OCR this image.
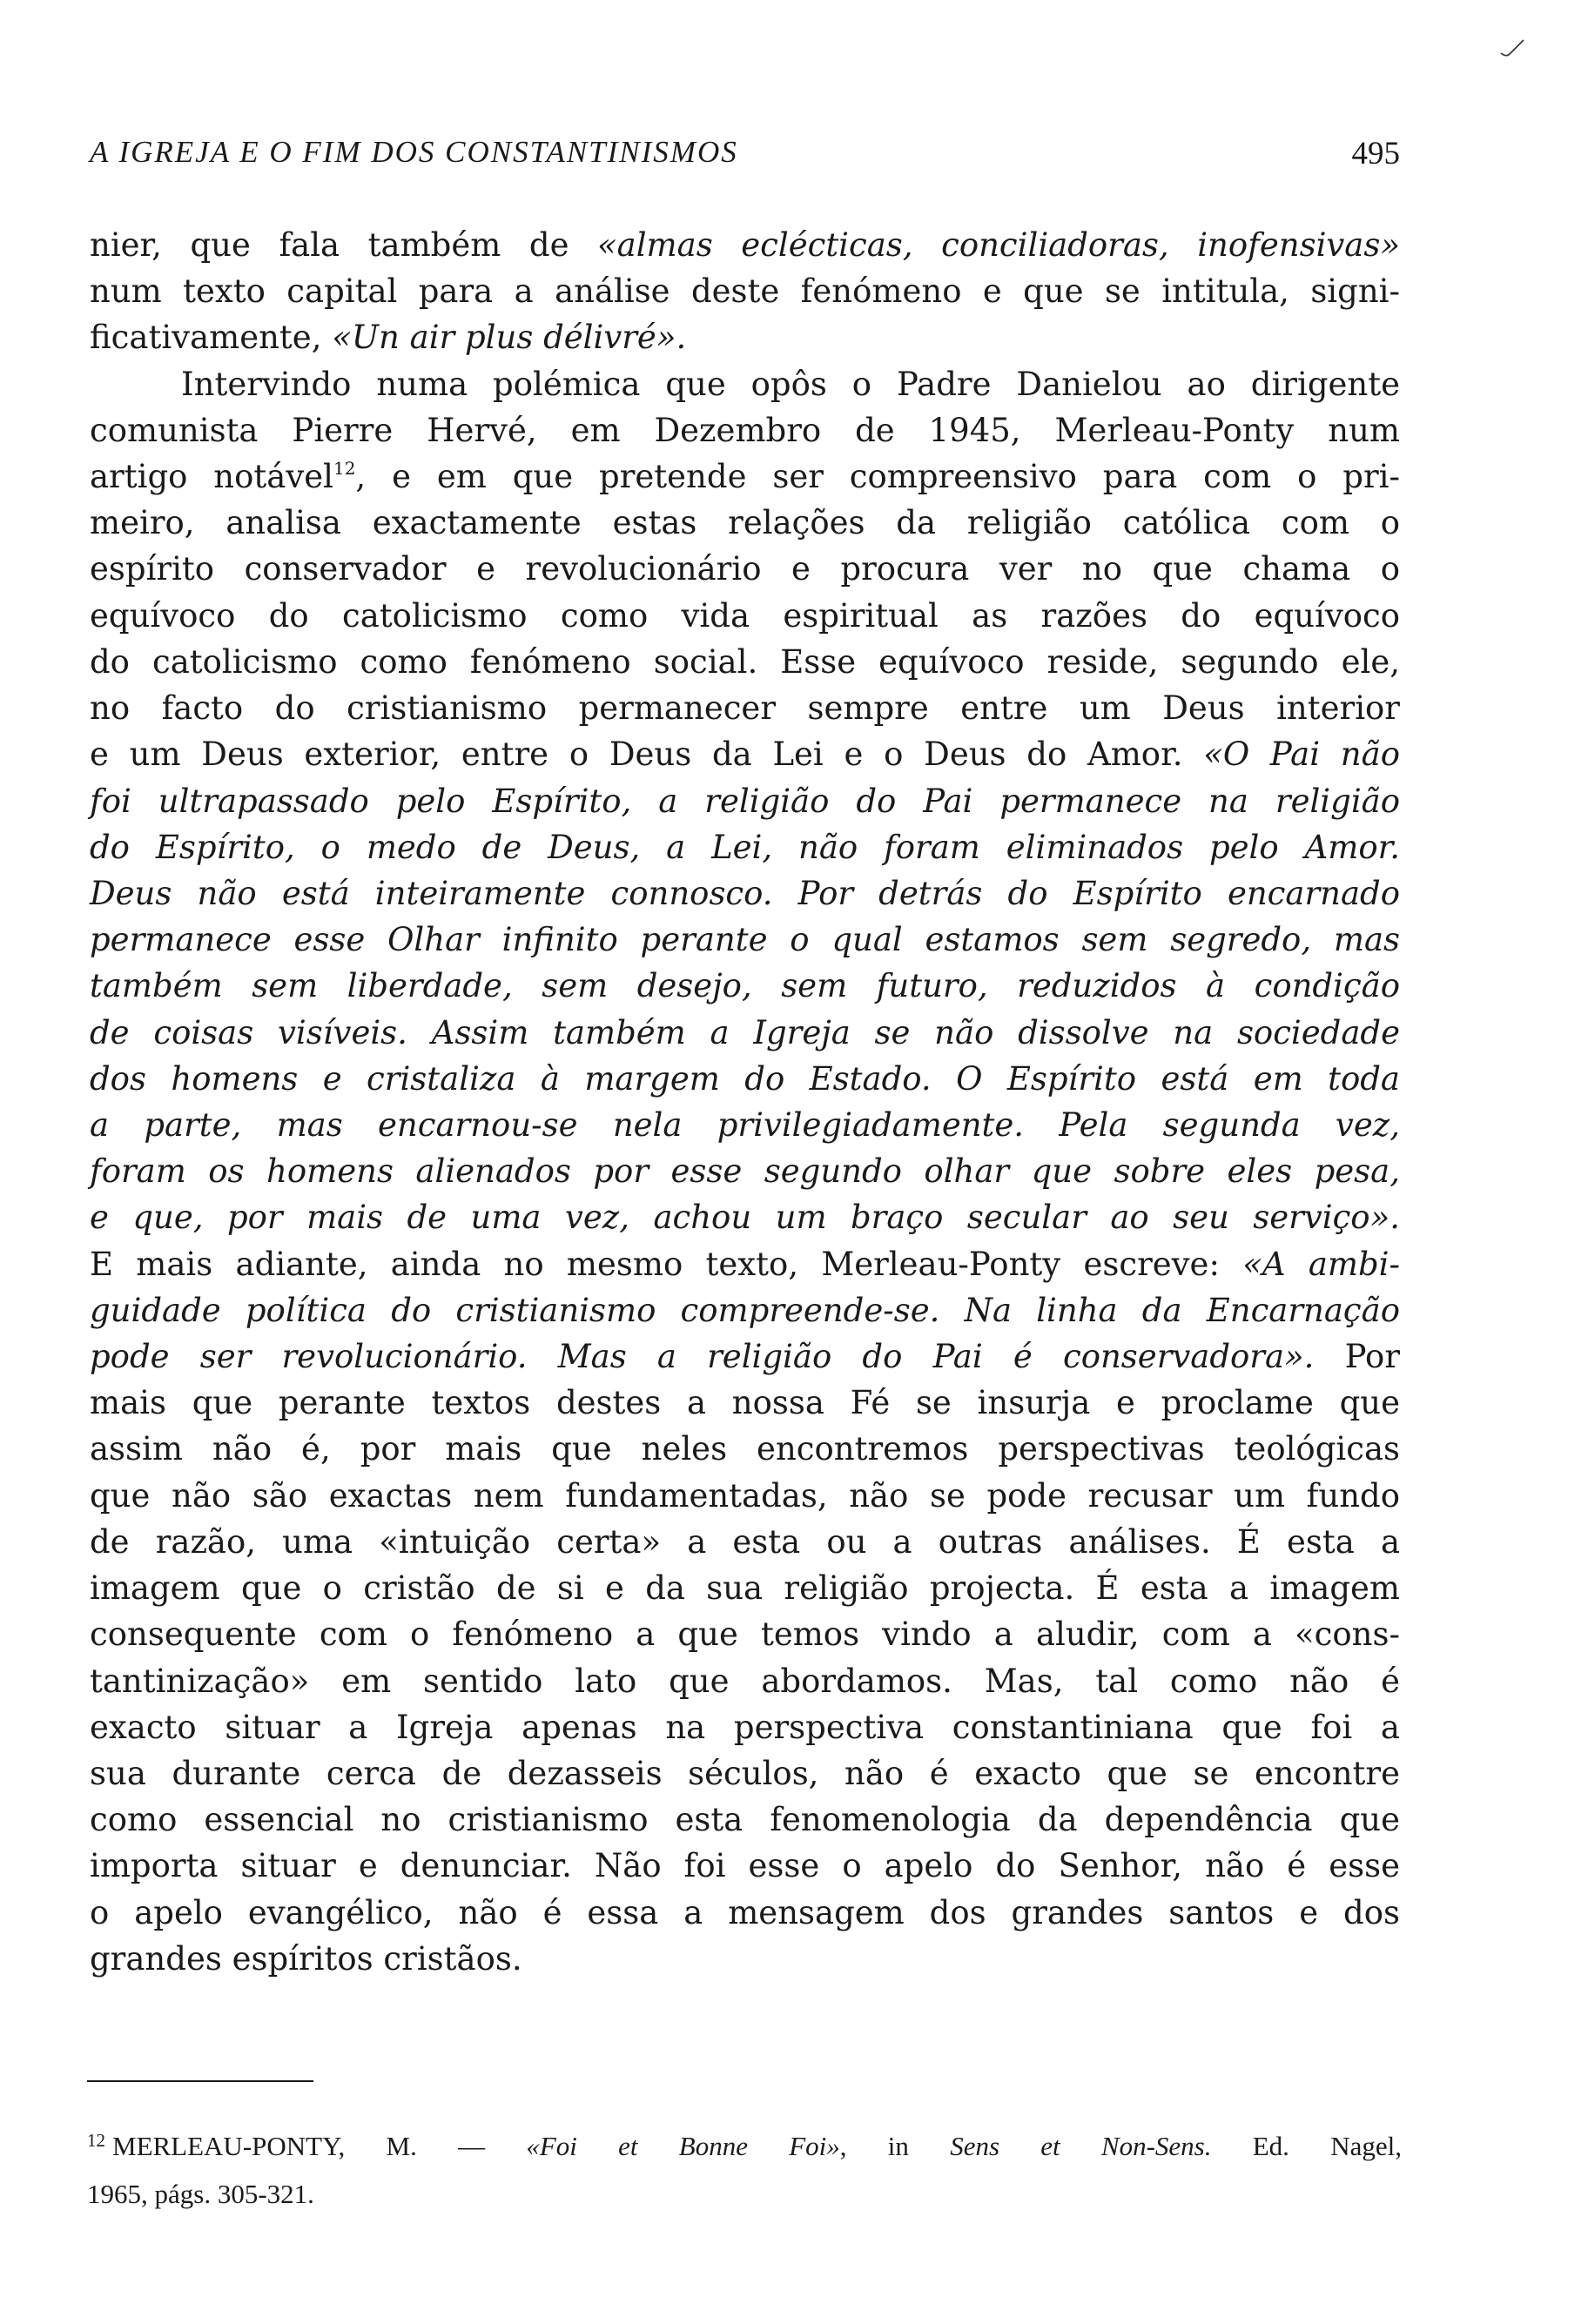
A IGREJA E O FIM DOS CONSTANTINISMOS	495
nier, que fala também de «almas eclécticas, conciliadoras, inofensivas»
num texto capital para a análise deste fenómeno e que se intitula, signi-
ficativamente, «Un air plus délivré».
Intervindo numa polémica que opôs o Padre Danielou ao dirigente
comunista Pierre Hervé, em Dezembro de 1945, Merleau-Ponty num
artigo notável$^{12}$, e em que pretende ser compreensivo para com o pri-
meiro, analisa exactamente estas relações da religião católica com o
espírito conservador e revolucionário e procura ver no que chama o
equívoco do catolicismo como vida espiritual as razões do equívoco
do catolicismo como fenómeno social. Esse equívoco reside, segundo ele,
no facto do cristianismo permanecer sempre entre um Deus interior
e um Deus exterior, entre o Deus da Lei e o Deus do Amor. «O Pai não
foi ultrapassado pelo Espírito, a religião do Pai permanece na religião
do Espírito, o medo de Deus, a Lei, não foram eliminados pelo Amor.
Deus não está inteiramente connosco. Por detrás do Espírito encarnado
permanece esse Olhar infinito perante o qual estamos sem segredo, mas
também sem liberdade, sem desejo, sem futuro, reduzidos à condição
de coisas visíveis. Assim também a Igreja se não dissolve na sociedade
dos homens e cristaliza à margem do Estado. O Espírito está em toda
a parte, mas encarnou-se nela privilegiadamente. Pela segunda vez,
foram os homens alienados por esse segundo olhar que sobre eles pesa,
e que, por mais de uma vez, achou um braço secular ao seu serviço».
E mais adiante, ainda no mesmo texto, Merleau-Ponty escreve: «A ambi-
guidade política do cristianismo compreende-se. Na linha da Encarnação
pode ser revolucionário. Mas a religião do Pai é conservadora». Por
mais que perante textos destes a nossa Fé se insurja e proclame que
assim não é, por mais que neles encontremos perspectivas teológicas
que não são exactas nem fundamentadas, não se pode recusar um fundo
de razão, uma «intuição certa» a esta ou a outras análises. É esta a
imagem que o cristão de si e da sua religião projecta. É esta a imagem
consequente com o fenómeno a que temos vindo a aludir, com a «cons-
tantinização» em sentido lato que abordamos. Mas, tal como não é
exacto situar a Igreja apenas na perspectiva constantiniana que foi a
sua durante cerca de dezasseis séculos, não é exacto que se encontre
como essencial no cristianismo esta fenomenologia da dependência que
importa situar e denunciar. Não foi esse o apelo do Senhor, não é esse
o apelo evangélico, não é essa a mensagem dos grandes santos e dos
grandes espíritos cristãos.
$^{12}$ MERLEAU-PONTY, M. — «Foi et Bonne Foi», in Sens et Non-Sens. Ed. Nagel,
1965, págs. 305-321.
